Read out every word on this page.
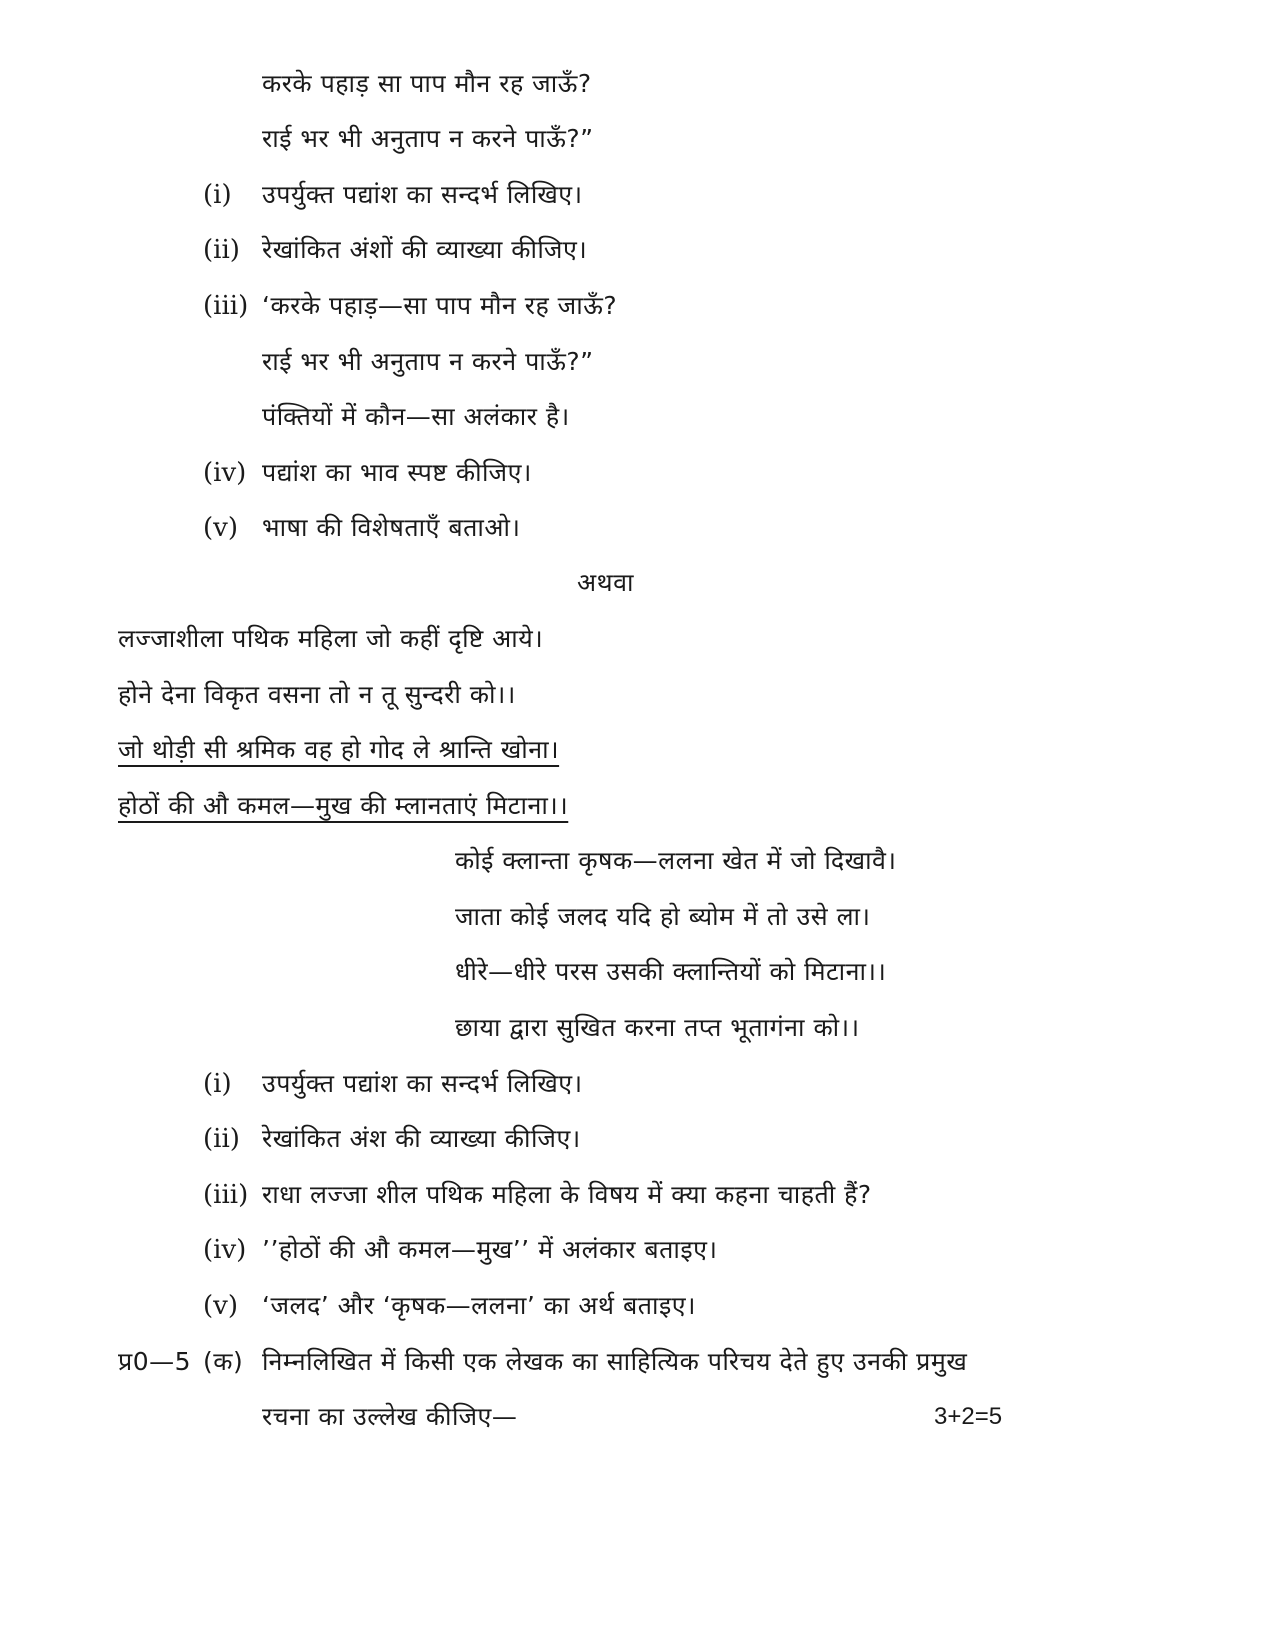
करके पहाड़ सा पाप मौन रह जाऊँ?
राई भर भी अनुताप न करने पाऊँ?”
(i) उपर्युक्त पद्यांश का सन्दर्भ लिखिए।
(ii) रेखांकित अंशों की व्याख्या कीजिए।
(iii) ‘करके पहाड़—सा पाप मौन रह जाऊँ?
राई भर भी अनुताप न करने पाऊँ?”
पंक्तियों में कौन—सा अलंकार है।
(iv) पद्यांश का भाव स्पष्ट कीजिए।
(v) भाषा की विशेषताएँ बताओ।
अथवा
लज्जाशीला पथिक महिला जो कहीं दृष्टि आये।
होने देना विकृत वसना तो न तू सुन्दरी को।।
जो थोड़ी सी श्रमिक वह हो गोद ले श्रान्ति खोना।
होठों की औ कमल—मुख की म्लानताएं मिटाना।।
कोई क्लान्ता कृषक—ललना खेत में जो दिखावै।
जाता कोई जलद यदि हो ब्योम में तो उसे ला।
धीरे—धीरे परस उसकी क्लान्तियों को मिटाना।।
छाया द्वारा सुखित करना तप्त भूतागंना को।।
(i) उपर्युक्त पद्यांश का सन्दर्भ लिखिए।
(ii) रेखांकित अंश की व्याख्या कीजिए।
(iii) राधा लज्जा शील पथिक महिला के विषय में क्या कहना चाहती हैं?
(iv) ’’होठों की औ कमल—मुख’’ में अलंकार बताइए।
(v) ‘जलद’ और ‘कृषक—ललना’ का अर्थ बताइए।
प्र0—5 (क) निम्नलिखित में किसी एक लेखक का साहित्यिक परिचय देते हुए उनकी प्रमुख
रचना का उल्लेख कीजिए—	3+2=5
